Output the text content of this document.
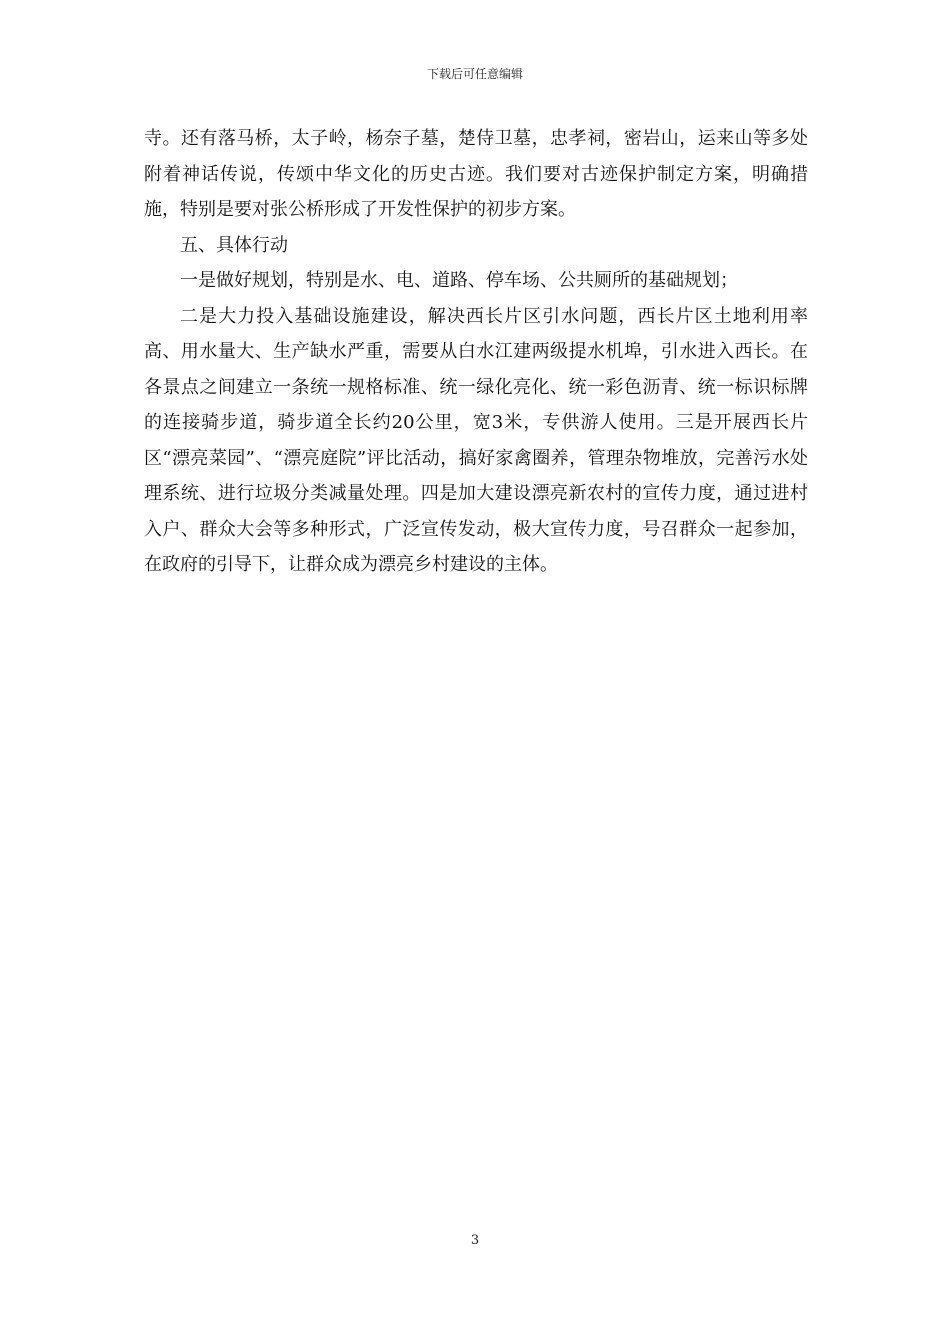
下载后可任意编辑

寺。还有落马桥，太子岭，杨奈子墓，楚侍卫墓，忠孝祠，密岩山，运来山等多处附着神话传说，传颂中华文化的历史古迹。我们要对古迹保护制定方案，明确措施，特别是要对张公桥形成了开发性保护的初步方案。

五、具体行动

一是做好规划，特别是水、电、道路、停车场、公共厕所的基础规划；

二是大力投入基础设施建设，解决西长片区引水问题，西长片区土地利用率高、用水量大、生产缺水严重，需要从白水江建两级提水机埠，引水进入西长。在各景点之间建立一条统一规格标准、统一绿化亮化、统一彩色沥青、统一标识标牌的连接骑步道，骑步道全长约20公里，宽3米，专供游人使用。三是开展西长片区“漂亮菜园”、“漂亮庭院”评比活动，搞好家禽圈养，管理杂物堆放，完善污水处理系统、进行垃圾分类减量处理。四是加大建设漂亮新农村的宣传力度，通过进村入户、群众大会等多种形式，广泛宣传发动，极大宣传力度，号召群众一起参加，在政府的引导下，让群众成为漂亮乡村建设的主体。

3
